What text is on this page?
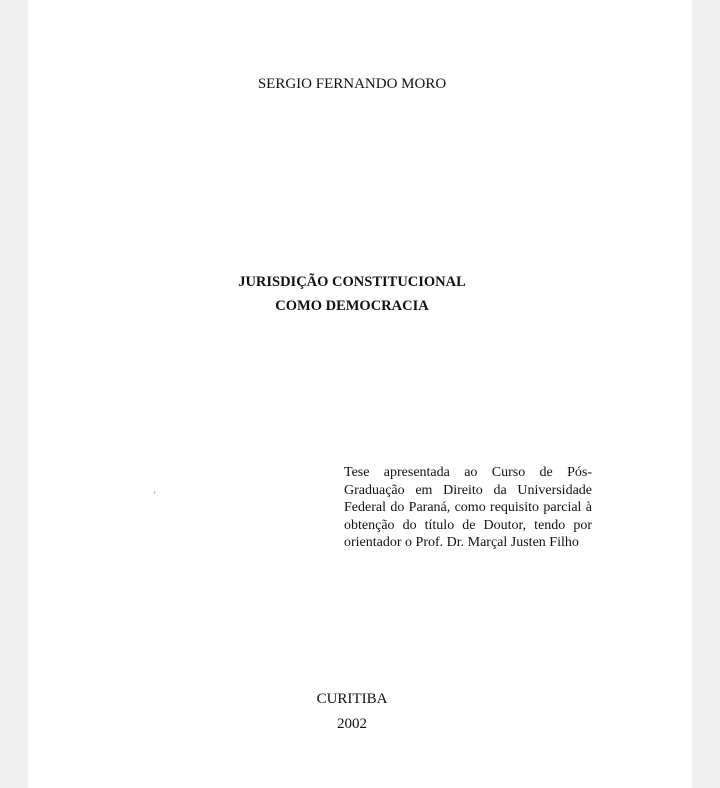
SERGIO FERNANDO MORO
JURISDIÇÃO CONSTITUCIONAL
COMO DEMOCRACIA
'
Tese apresentada ao Curso de Pós-Graduação em Direito da Universidade Federal do Paraná, como requisito parcial à obtenção do título de Doutor, tendo por orientador o Prof. Dr. Marçal Justen Filho
CURITIBA
2002
